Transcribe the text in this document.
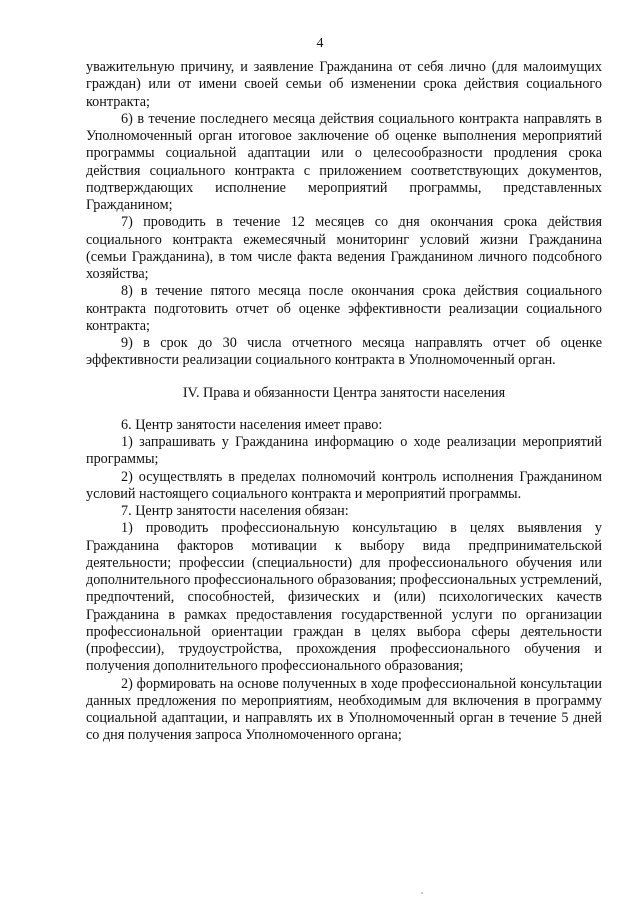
4

уважительную причину, и заявление Гражданина от себя лично (для малоимущих граждан) или от имени своей семьи об изменении срока действия социального контракта;

6) в течение последнего месяца действия социального контракта направлять в Уполномоченный орган итоговое заключение об оценке выполнения мероприятий программы социальной адаптации или о целесообразности продления срока действия социального контракта с приложением соответствующих документов, подтверждающих исполнение мероприятий программы, представленных Гражданином;

7) проводить в течение 12 месяцев со дня окончания срока действия социального контракта ежемесячный мониторинг условий жизни Гражданина (семьи Гражданина), в том числе факта ведения Гражданином личного подсобного хозяйства;

8) в течение пятого месяца после окончания срока действия социального контракта подготовить отчет об оценке эффективности реализации социального контракта;

9) в срок до 30 числа отчетного месяца направлять отчет об оценке эффективности реализации социального контракта в Уполномоченный орган.

IV. Права и обязанности Центра занятости населения

6. Центр занятости населения имеет право:

1) запрашивать у Гражданина информацию о ходе реализации мероприятий программы;

2) осуществлять в пределах полномочий контроль исполнения Гражданином условий настоящего социального контракта и мероприятий программы.

7. Центр занятости населения обязан:

1) проводить профессиональную консультацию в целях выявления у Гражданина факторов мотивации к выбору вида предпринимательской деятельности; профессии (специальности) для профессионального обучения или дополнительного профессионального образования; профессиональных устремлений, предпочтений, способностей, физических и (или) психологических качеств Гражданина в рамках предоставления государственной услуги по организации профессиональной ориентации граждан в целях выбора сферы деятельности (профессии), трудоустройства, прохождения профессионального обучения и получения дополнительного профессионального образования;

2) формировать на основе полученных в ходе профессиональной консультации данных предложения по мероприятиям, необходимым для включения в программу социальной адаптации, и направлять их в Уполномоченный орган в течение 5 дней со дня получения запроса Уполномоченного органа;
